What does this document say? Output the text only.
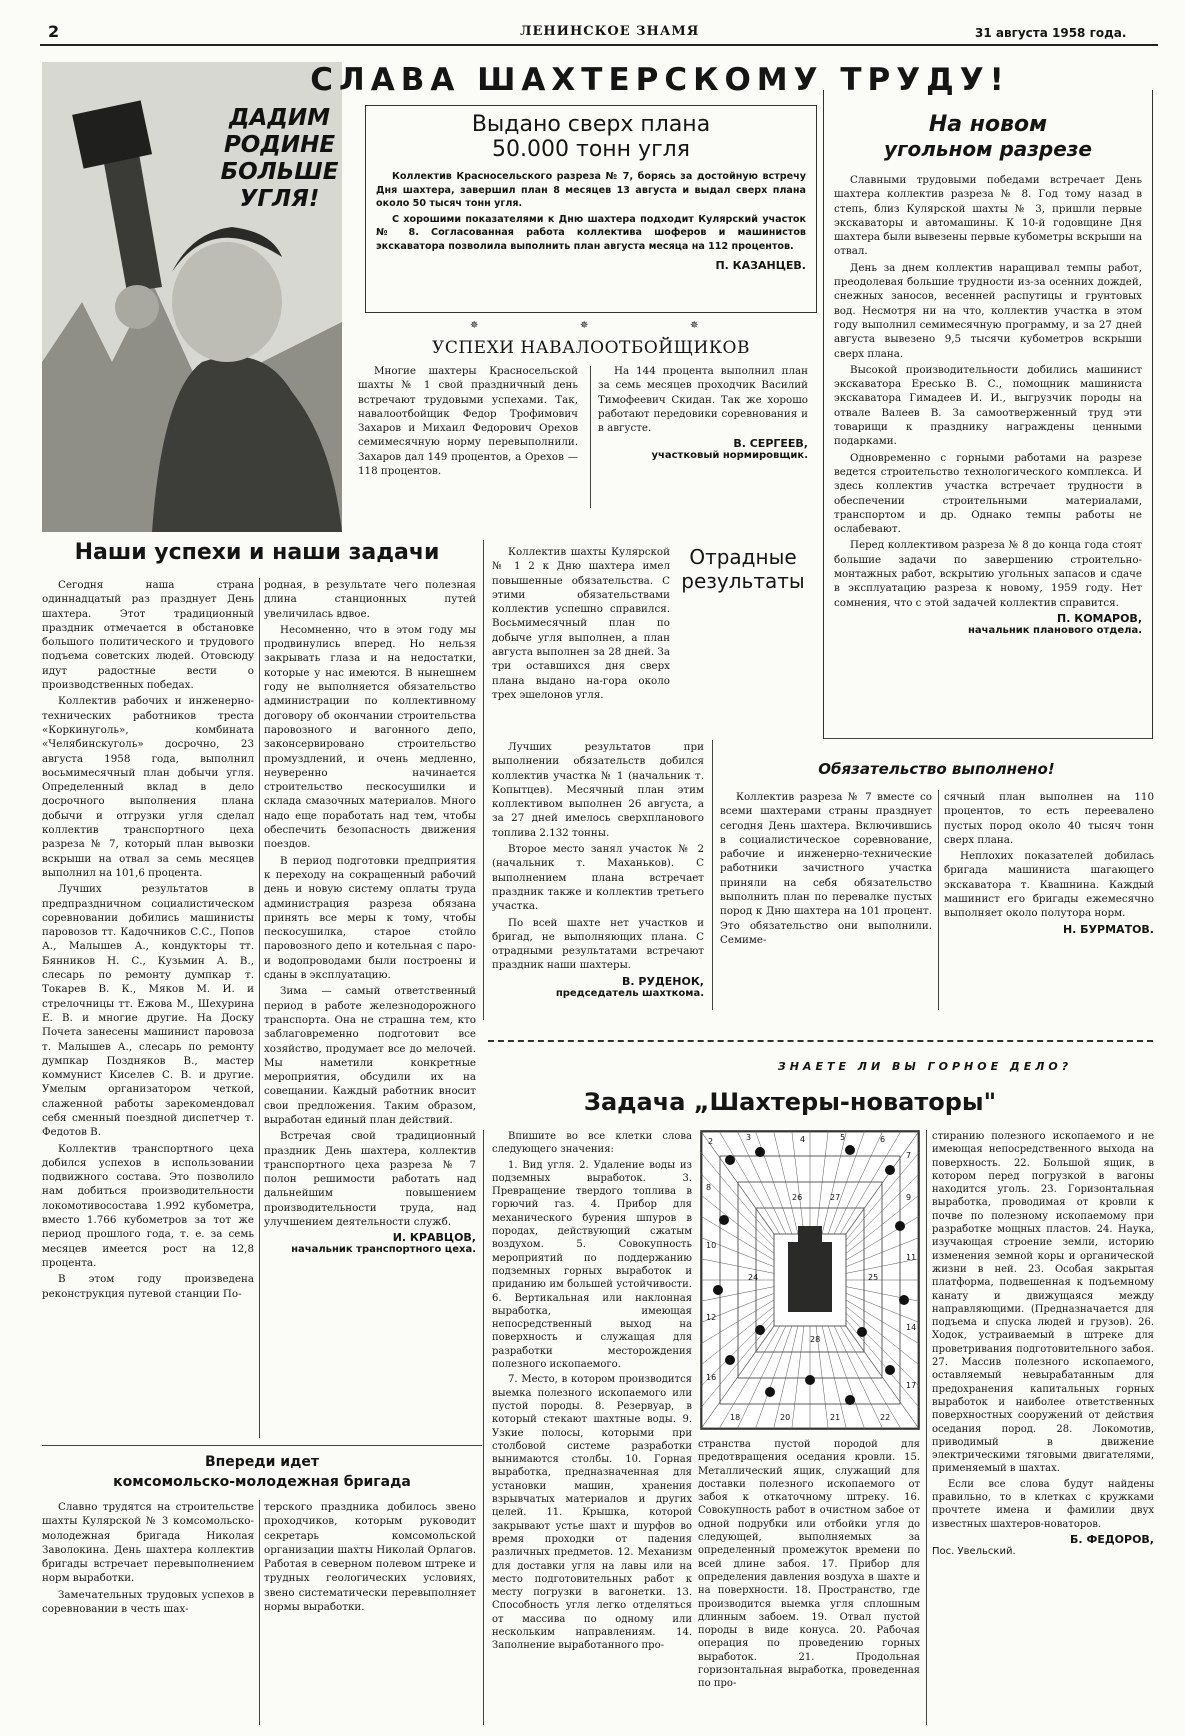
2	ЛЕНИНСКОЕ ЗНАМЯ	31 августа 1958 года.
ДАДИМ
РОДИНЕ
БОЛЬШЕ
УГЛЯ!
СЛАВА ШАХТЕРСКОМУ ТРУДУ!
Выдано сверх плана
50.000 тонн угля

Коллектив Красносельского разреза № 7, борясь за достойную встречу Дня шахтера, завершил план 8 месяцев 13 августа и выдал сверх плана около 50 тысяч тонн угля.

С хорошими показателями к Дню шахтера подходит Кулярский участок № 8. Согласованная работа коллектива шоферов и машинистов экскаватора позволила выполнить план августа месяца на 112 процентов.

П. КАЗАНЦЕВ.
✵	✵	✵
УСПЕХИ НАВАЛООТБОЙЩИКОВ

Многие шахтеры Красносельской шахты № 1 свой праздничный день встречают трудовыми успехами. Так, навалоотбойщик Федор Трофимович Захаров и Михаил Федорович Орехов семимесячную норму перевыполнили. Захаров дал 149 процентов, а Орехов — 118 процентов.

На 144 процента выполнил план за семь месяцев проходчик Василий Тимофеевич Скидан. Так же хорошо работают передовики соревнования и в августе.

В. СЕРГЕЕВ,
участковый нормировщик.
На новом
угольном разрезе

Славными трудовыми победами встречает День шахтера коллектив разреза № 8. Год тому назад в степь, близ Кулярской шахты № 3, пришли первые экскаваторы и автомашины. К 10-й годовщине Дня шахтера были вывезены первые кубометры вскрыши на отвал.

День за днем коллектив наращивал темпы работ, преодолевая большие трудности из-за осенних дождей, снежных заносов, весенней распутицы и грунтовых вод. Несмотря ни на что, коллектив участка в этом году выполнил семимесячную программу, и за 27 дней августа вывезено 9,5 тысячи кубометров вскрыши сверх плана.

Высокой производительности добились машинист экскаватора Ересько В. С., помощник машиниста экскаватора Гимадеев И. И., выгрузчик породы на отвале Валеев В. За самоотверженный труд эти товарищи к празднику награждены ценными подарками.

Одновременно с горными работами на разрезе ведется строительство технологического комплекса. И здесь коллектив участка встречает трудности в обеспечении строительными материалами, транспортом и др. Однако темпы работы не ослабевают.

Перед коллективом разреза № 8 до конца года стоят большие задачи по завершению строительно-монтажных работ, вскрытию угольных запасов и сдаче в эксплуатацию разреза к новому, 1959 году. Нет сомнения, что с этой задачей коллектив справится.

П. КОМАРОВ,
начальник планового отдела.
Наши успехи и наши задачи

Сегодня наша страна одиннадцатый раз празднует День шахтера. Этот традиционный праздник отмечается в обстановке большого политического и трудового подъема советских людей. Отовсюду идут радостные вести о производственных победах.

Коллектив рабочих и инженерно-технических работников треста «Коркинуголь», комбината «Челябинскуголь» досрочно, 23 августа 1958 года, выполнил восьмимесячный план добычи угля. Определенный вклад в дело досрочного выполнения плана добычи и отгрузки угля сделал коллектив транспортного цеха разреза № 7, который план вывозки вскрыши на отвал за семь месяцев выполнил на 101,6 процента.

Лучших результатов в предпраздничном социалистическом соревновании добились машинисты паровозов тт. Кадочников С.С., Попов А., Малышев А., кондукторы тт. Бянников Н. С., Кузьмин А. В., слесарь по ремонту думпкар т. Токарев В. К., Мяков М. И. и стрелочницы тт. Ежова М., Шехурина Е. В. и многие другие. На Доску Почета занесены машинист паровоза т. Малышев А., слесарь по ремонту думпкар Поздняков В., мастер коммунист Киселев С. В. и другие. Умелым организатором четкой, слаженной работы зарекомендовал себя сменный поездной диспетчер т. Федотов В.

Коллектив транспортного цеха добился успехов в использовании подвижного состава. Это позволило нам добиться производительности локомотивосостава 1.992 кубометра, вместо 1.766 кубометров за тот же период прошлого года, т. е. за семь месяцев имеется рост на 12,8 процента.

В этом году произведена реконструкция путевой станции По-

родная, в результате чего полезная длина станционных путей увеличилась вдвое.

Несомненно, что в этом году мы продвинулись вперед. Но нельзя закрывать глаза и на недостатки, которые у нас имеются. В нынешнем году не выполняется обязательство администрации по коллективному договору об окончании строительства паровозного и вагонного депо, законсервировано строительство промуздлений, и очень медленно, неуверенно начинается строительство пескосушилки и склада смазочных материалов. Много надо еще поработать над тем, чтобы обеспечить безопасность движения поездов.

В период подготовки предприятия к переходу на сокращенный рабочий день и новую систему оплаты труда администрация разреза обязана принять все меры к тому, чтобы пескосушилка, старое стойло паровозного депо и котельная с паро- и водопроводами были построены и сданы в эксплуатацию.

Зима — самый ответственный период в работе железнодорожного транспорта. Она не страшна тем, кто заблаговременно подготовит все хозяйство, продумает все до мелочей. Мы наметили конкретные мероприятия, обсудили их на совещании. Каждый работник вносит свои предложения. Таким образом, выработан единый план действий.

Встречая свой традиционный праздник День шахтера, коллектив транспортного цеха разреза № 7 полон решимости работать над дальнейшим повышением производительности труда, над улучшением деятельности служб.

И. КРАВЦОВ,
начальник транспортного цеха.

Коллектив шахты Кулярской № 1 2 к Дню шахтера имел повышенные обязательства. С этими обязательствами коллектив успешно справился. Восьмимесячный план по добыче угля выполнен, а план августа выполнен за 28 дней. За три оставшихся дня сверх плана выдано на-гора около трех эшелонов угля.

Отрадные
результаты

Лучших результатов при выполнении обязательств добился коллектив участка № 1 (начальник т. Копытцев). Месячный план этим коллективом выполнен 26 августа, а за 27 дней имелось сверхпланового топлива 2.132 тонны.

Второе место занял участок № 2 (начальник т. Маханьков). С выполнением плана встречает праздник также и коллектив третьего участка.

По всей шахте нет участков и бригад, не выполняющих плана. С отрадными результатами встречают праздник наши шахтеры.

В. РУДЕНОК,
председатель шахткома.
Обязательство выполнено!

Коллектив разреза № 7 вместе со всеми шахтерами страны празднует сегодня День шахтера. Включившись в социалистическое соревнование, рабочие и инженерно-технические работники зачистного участка приняли на себя обязательство выполнить план по перевалке пустых пород к Дню шахтера на 101 процент. Это обязательство они выполнили. Семиме-

сячный план выполнен на 110 процентов, то есть переевалено пустых пород около 40 тысяч тонн сверх плана.

Неплохих показателей добилась бригада машиниста шагающего экскаватора т. Квашнина. Каждый машинист его бригады ежемесячно выполняет около полутора норм.

Н. БУРМАТОВ.
ЗНАЕТЕ ЛИ ВЫ ГОРНОЕ ДЕЛО?
Задача „Шахтеры-новаторы"

Впишите во все клетки слова следующего значения:

1. Вид угля. 2. Удаление воды из подземных выработок. 3. Превращение твердого топлива в горючий газ. 4. Прибор для механического бурения шпуров в породах, действующий сжатым воздухом. 5. Совокупность мероприятий по поддержанию подземных горных выработок и приданию им большей устойчивости. 6. Вертикальная или наклонная выработка, имеющая непосредственный выход на поверхность и служащая для разработки месторождения полезного ископаемого.

7. Место, в котором производится выемка полезного ископаемого или пустой породы. 8. Резервуар, в который стекают шахтные воды. 9. Узкие полосы, которыми при столбовой системе разработки вынимаются столбы. 10. Горная выработка, предназначенная для установки машин, хранения взрывчатых материалов и других целей. 11. Крышка, которой закрывают устье шахт и шурфов во время проходки от падения различных предметов. 12. Механизм для доставки угля на лавы или на место подготовительных работ к месту погрузки в вагонетки. 13. Способность угля легко отделяться от массива по одному или нескольким направлениям. 14. Заполнение выработанного про-

2	3	4	5	6
7
8
9
10
11
12
14
16
17
18	20	21	22
24	25
26	27
28

странства пустой породой для предотвращения оседания кровли. 15. Металлический ящик, служащий для доставки полезного ископаемого от забоя к откаточному штреку. 16. Совокупность работ в очистном забое от одной подрубки или отбойки угля до следующей, выполняемых за определенный промежуток времени по всей длине забоя. 17. Прибор для определения давления воздуха в шахте и на поверхности. 18. Пространство, где производится выемка угля сплошным длинным забоем. 19. Отвал пустой породы в виде конуса. 20. Рабочая операция по проведению горных выработок. 21. Продольная горизонтальная выработка, проведенная по про-

стиранию полезного ископаемого и не имеющая непосредственного выхода на поверхность. 22. Большой ящик, в котором перед погрузкой в вагоны находится уголь. 23. Горизонтальная выработка, проводимая от кровли к почве по полезному ископаемому при разработке мощных пластов. 24. Наука, изучающая строение земли, историю изменения земной коры и органической жизни в ней. 23. Особая закрытая платформа, подвешенная к подъемному канату и движущаяся между направляющими. (Предназначается для подъема и спуска людей и грузов). 26. Ходок, устраиваемый в штреке для проветривания подготовительного забоя. 27. Массив полезного ископаемого, оставляемый невырабатанным для предохранения капитальных горных выработок и наиболее ответственных поверхностных сооружений от действия оседания пород. 28. Локомотив, приводимый в движение электрическими тяговыми двигателями, применяемый в шахтах.

Если все слова будут найдены правильно, то в клетках с кружками прочтете имена и фамилии двух известных шахтеров-новаторов.

Б. ФЕДОРОВ,
Пос. Увельский.
Впереди идет
комсомольско-молодежная бригада

Славно трудятся на строительстве шахты Кулярской № 3 комсомольско-молодежная бригада Николая Заволокина. День шахтера коллектив бригады встречает перевыполнением норм выработки.

Замечательных трудовых успехов в соревновании в честь шах-

терского праздника добилось звено проходчиков, которым руководит секретарь комсомольской организации шахты Николай Орлагов. Работая в северном полевом штреке и трудных геологических условиях, звено систематически перевыполняет нормы выработки.
